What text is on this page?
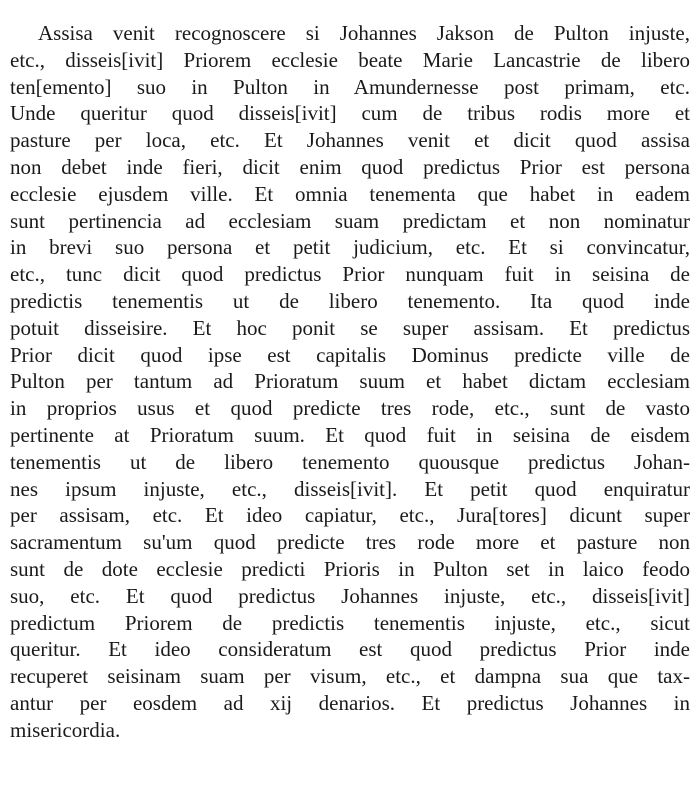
Assisa venit recognoscere si Johannes Jakson de Pulton injuste,
etc., disseis[ivit] Priorem ecclesie beate Marie Lancastrie de libero
ten[emento] suo in Pulton in Amundernesse post primam, etc.
Unde queritur quod disseis[ivit] cum de tribus rodis more et
pasture per loca, etc. Et Johannes venit et dicit quod assisa
non debet inde fieri, dicit enim quod predictus Prior est persona
ecclesie ejusdem ville. Et omnia tenementa que habet in eadem
sunt pertinencia ad ecclesiam suam predictam et non nominatur
in brevi suo persona et petit judicium, etc. Et si convincatur,
etc., tunc dicit quod predictus Prior nunquam fuit in seisina de
predictis tenementis ut de libero tenemento. Ita quod inde
potuit disseisire. Et hoc ponit se super assisam. Et predictus
Prior dicit quod ipse est capitalis Dominus predicte ville de
Pulton per tantum ad Prioratum suum et habet dictam ecclesiam
in proprios usus et quod predicte tres rode, etc., sunt de vasto
pertinente at Prioratum suum. Et quod fuit in seisina de eisdem
tenementis ut de libero tenemento quousque predictus Johan-
nes ipsum injuste, etc., disseis[ivit]. Et petit quod enquiratur
per assisam, etc. Et ideo capiatur, etc., Jura[tores] dicunt super
sacramentum su'um quod predicte tres rode more et pasture non
sunt de dote ecclesie predicti Prioris in Pulton set in laico feodo
suo, etc. Et quod predictus Johannes injuste, etc., disseis[ivit]
predictum Priorem de predictis tenementis injuste, etc., sicut
queritur. Et ideo consideratum est quod predictus Prior inde
recuperet seisinam suam per visum, etc., et dampna sua que tax-
antur per eosdem ad xij denarios. Et predictus Johannes in
misericordia.
